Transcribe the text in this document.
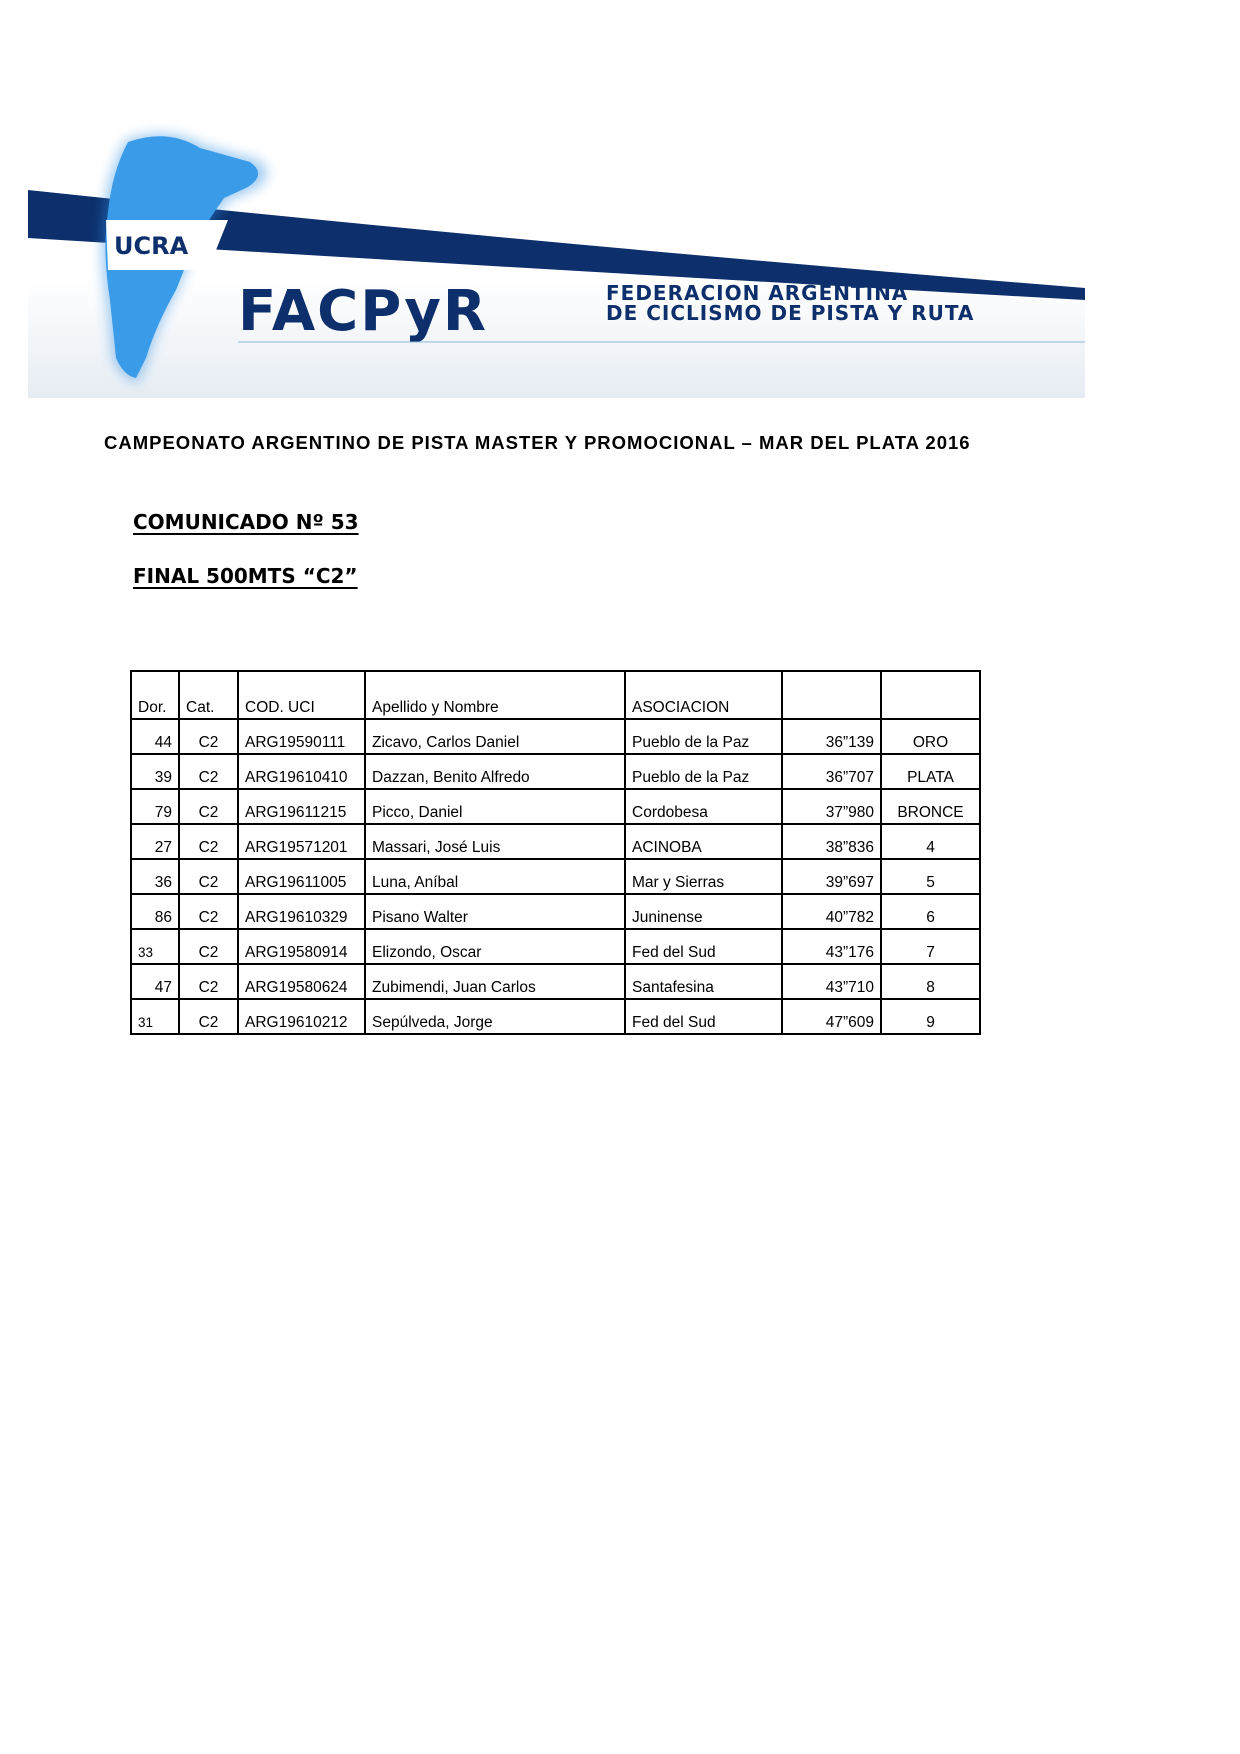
UCRA
FACPyR	FEDERACION ARGENTINA
DE CICLISMO DE PISTA Y RUTA
CAMPEONATO ARGENTINO DE PISTA MASTER Y PROMOCIONAL – MAR DEL PLATA 2016
COMUNICADO Nº 53
FINAL 500MTS “C2”
Dor.	Cat.	COD. UCI	Apellido y Nombre	ASOCIACION		
44	C2	ARG19590111	Zicavo, Carlos Daniel	Pueblo de la Paz	36”139	ORO
39	C2	ARG19610410	Dazzan, Benito Alfredo	Pueblo de la Paz	36”707	PLATA
79	C2	ARG19611215	Picco, Daniel	Cordobesa	37”980	BRONCE
27	C2	ARG19571201	Massari, José Luis	ACINOBA	38”836	4
36	C2	ARG19611005	Luna, Aníbal	Mar y Sierras	39”697	5
86	C2	ARG19610329	Pisano Walter	Juninense	40”782	6
33	C2	ARG19580914	Elizondo, Oscar	Fed del Sud	43”176	7
47	C2	ARG19580624	Zubimendi, Juan Carlos	Santafesina	43”710	8
31	C2	ARG19610212	Sepúlveda, Jorge	Fed del Sud	47”609	9
